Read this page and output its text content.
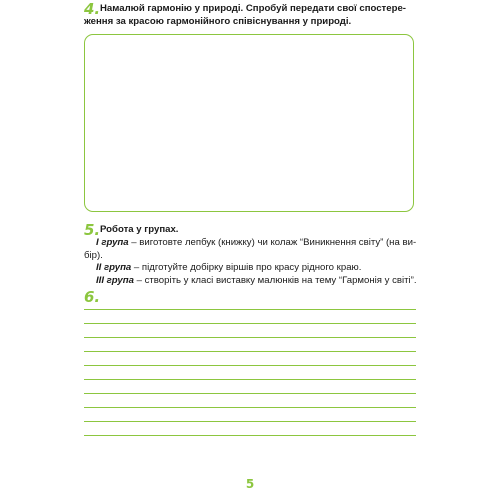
4. Намалюй гармонію у природі. Спробуй передати свої спостере-
ження за красою гармонійного співіснування у природі.
5. Робота у групах.
I група – виготовте лепбук (книжку) чи колаж “Виникнення світу” (на ви-
бір).
II група – підготуйте добірку віршів про красу рідного краю.
III група – створіть у класі виставку малюнків на тему “Гармонія у світі”.
6.
5
